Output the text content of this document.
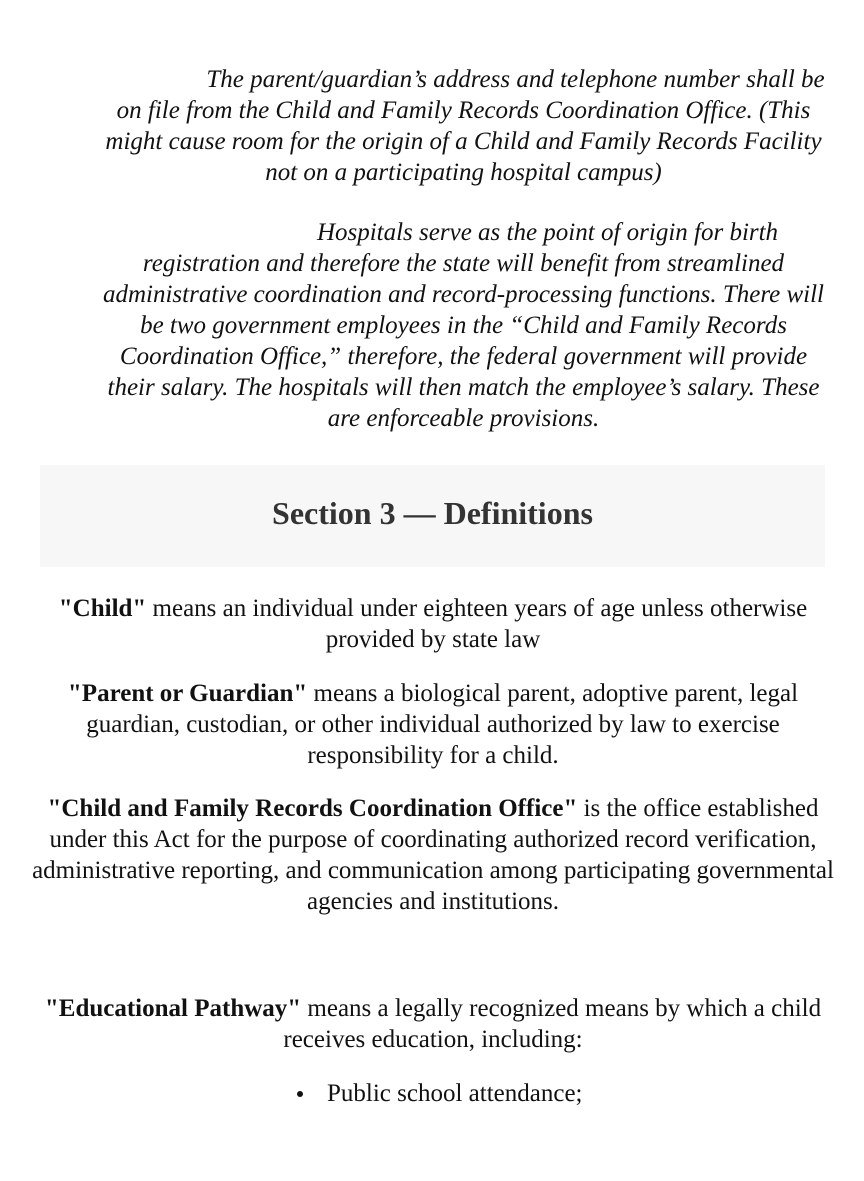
The parent/guardian’s address and telephone number shall be on file from the Child and Family Records Coordination Office. (This might cause room for the origin of a Child and Family Records Facility not on a participating hospital campus)

Hospitals serve as the point of origin for birth registration and therefore the state will benefit from streamlined administrative coordination and record-processing functions. There will be two government employees in the “Child and Family Records Coordination Office,” therefore, the federal government will provide their salary. The hospitals will then match the employee’s salary. These are enforceable provisions.

Section 3 — Definitions

"Child" means an individual under eighteen years of age unless otherwise provided by state law

"Parent or Guardian" means a biological parent, adoptive parent, legal guardian, custodian, or other individual authorized by law to exercise responsibility for a child.

"Child and Family Records Coordination Office" is the office established under this Act for the purpose of coordinating authorized record verification, administrative reporting, and communication among participating governmental agencies and institutions.

"Educational Pathway" means a legally recognized means by which a child receives education, including:

Public school attendance;
